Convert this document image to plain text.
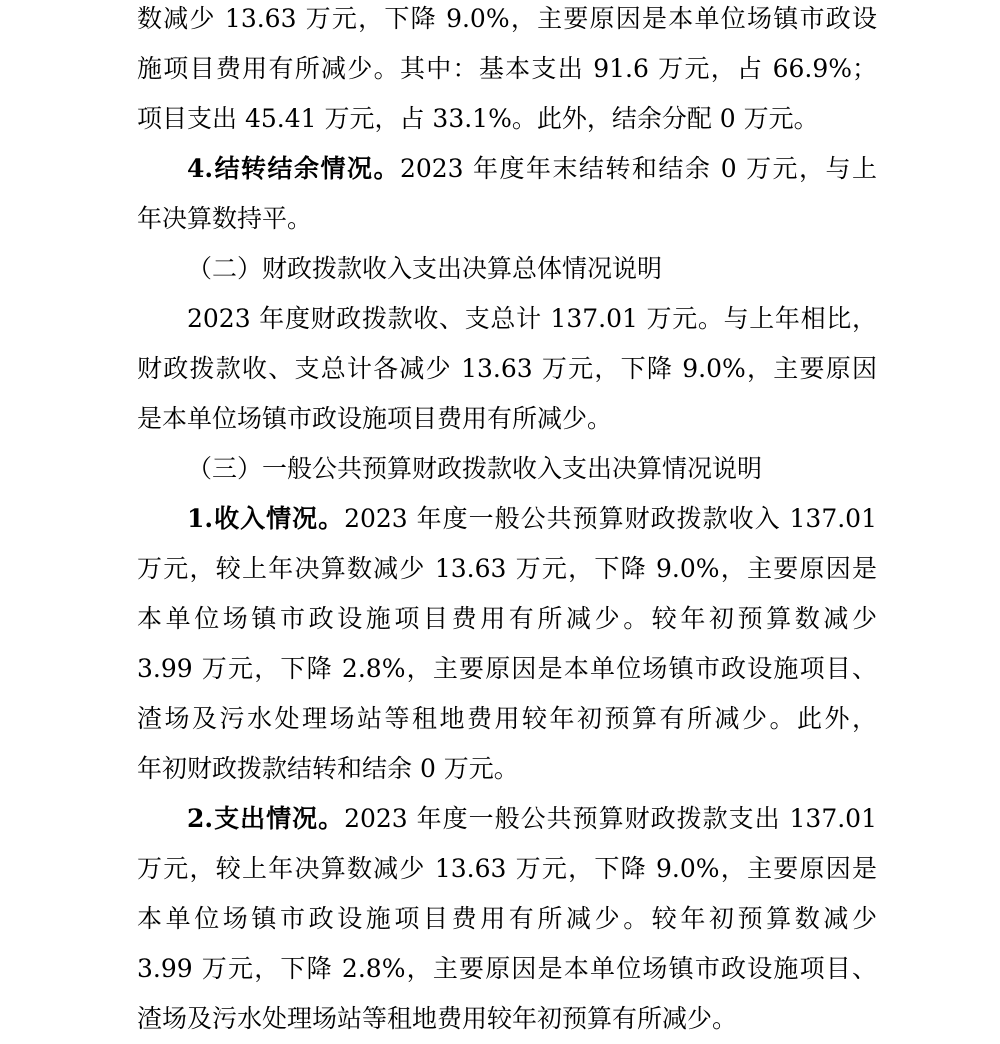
数减少 13.63 万元，下降 9.0%，主要原因是本单位场镇市政设
施项目费用有所减少。其中：基本支出 91.6 万元，占 66.9%；
项目支出 45.41 万元，占 33.1%。此外，结余分配 0 万元。
4.结转结余情况。2023 年度年末结转和结余 0 万元，与上
年决算数持平。
（二）财政拨款收入支出决算总体情况说明
2023 年度财政拨款收、支总计 137.01 万元。与上年相比，
财政拨款收、支总计各减少 13.63 万元，下降 9.0%，主要原因
是本单位场镇市政设施项目费用有所减少。
（三）一般公共预算财政拨款收入支出决算情况说明
1.收入情况。2023 年度一般公共预算财政拨款收入 137.01
万元，较上年决算数减少 13.63 万元，下降 9.0%，主要原因是
本单位场镇市政设施项目费用有所减少。较年初预算数减少
3.99 万元，下降 2.8%，主要原因是本单位场镇市政设施项目、
渣场及污水处理场站等租地费用较年初预算有所减少。此外，
年初财政拨款结转和结余 0 万元。
2.支出情况。2023 年度一般公共预算财政拨款支出 137.01
万元，较上年决算数减少 13.63 万元，下降 9.0%，主要原因是
本单位场镇市政设施项目费用有所减少。较年初预算数减少
3.99 万元，下降 2.8%，主要原因是本单位场镇市政设施项目、
渣场及污水处理场站等租地费用较年初预算有所减少。
